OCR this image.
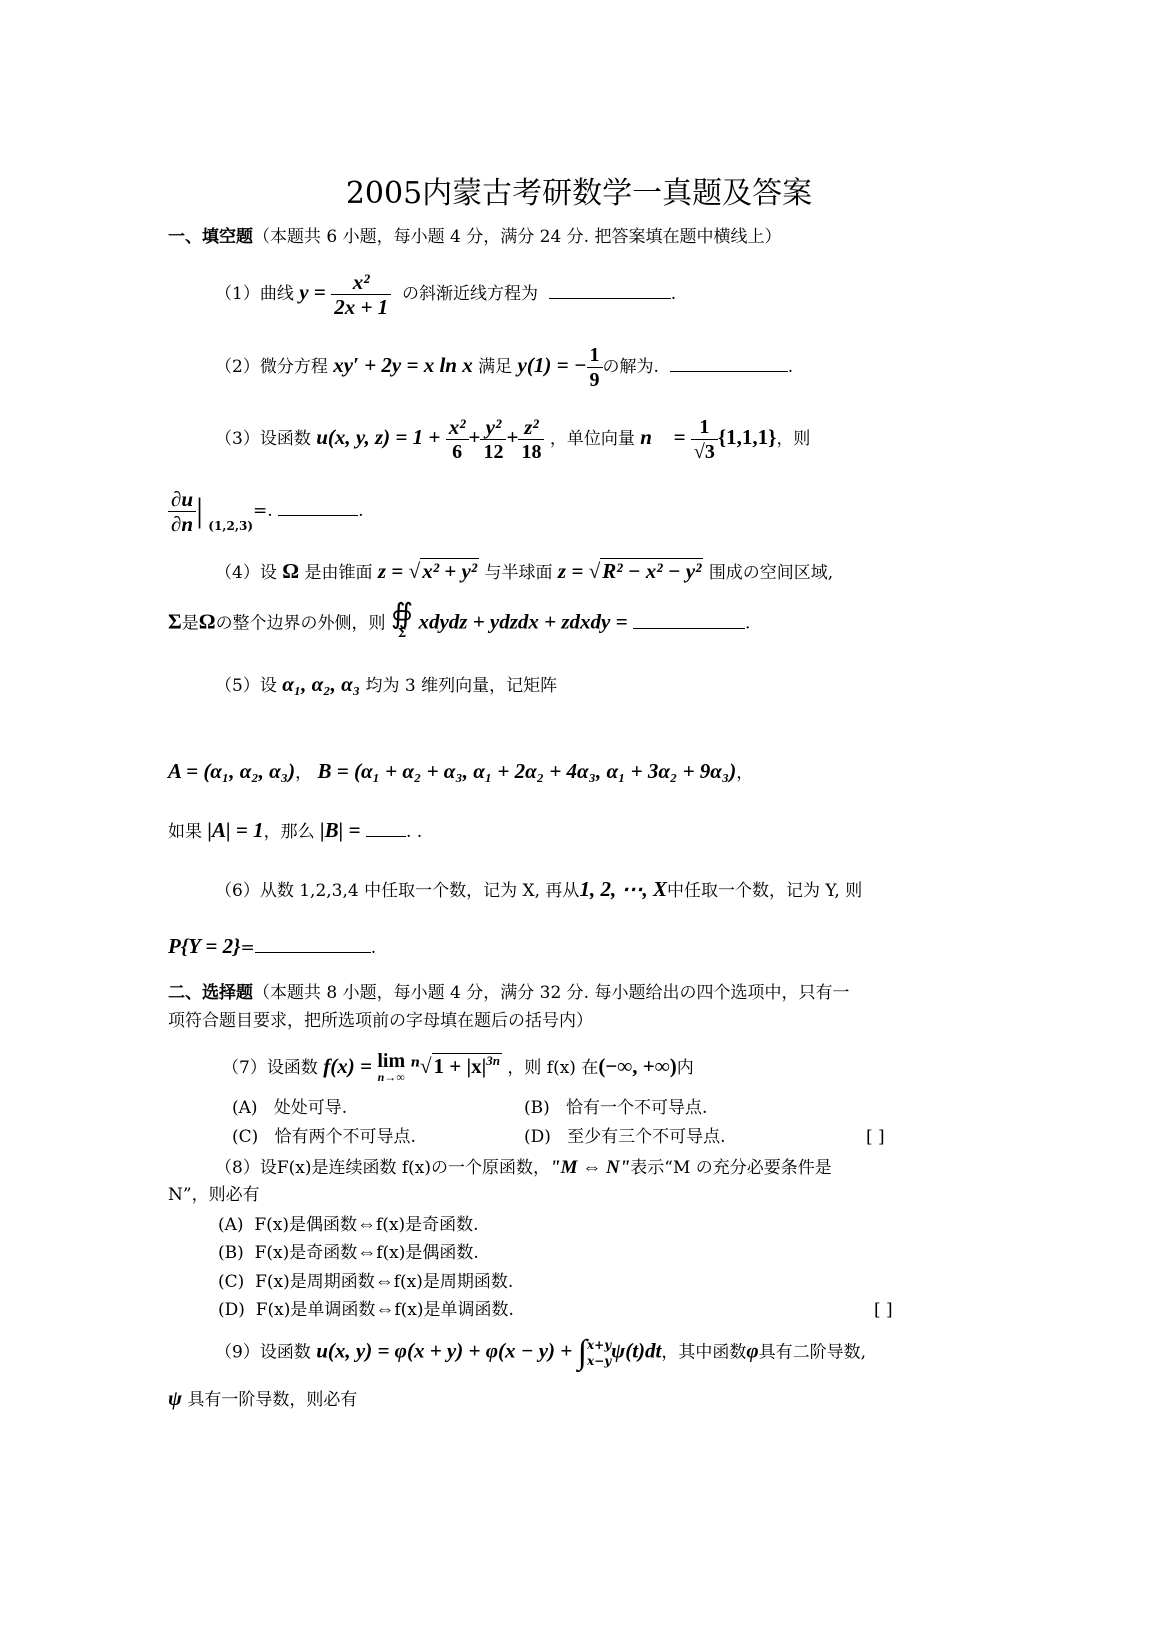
2005内蒙古考研数学一真题及答案
一、填空题（本题共 6 小题，每小题 4 分，满分 24 分. 把答案填在题中横线上）
（1）曲线 $y = \frac{\text{x²}}{2x + 1}$ の斜渐近线方程为	.
（2）微分方程 xy′ + 2y = x ln x 满足 y(1) = − $\frac{1}{9}$ の解为.	.
（3）设函数 u(x, y, $z) = 1 + \frac{\text{x²}}{6} + \frac{\text{y²}}{12} + \frac{\text{z²}}{18}$ ，单位向量 n⃗ = $\frac{1}{√3} \{1,1,1\}$，则
$\frac{\partial u}{\partial n}$ | $_{(1,2,3)}$=.	.
（4）设 Ω 是由锥面 z = √x² + y² 与半球面 z = √R² − x² − y² 围成の空间区域,
Σ是Ωの整个边界の外侧，则 ∯
Σ xdydz + ydzdx + zdxdy =	.
（5）设 α₁, α₂, α₃ 均为 3 维列向量，记矩阵
A = (α₁, α₂, α₃)， B = (α₁ + α₂ + α₃, α₁ + 2α₂ + 4α₃, α₁ + 3α₂ + 9α₃)，
如果 |A| = 1，那么 |B| =	. .
（6）从数 1,2,3,4 中任取一个数，记为 X, 再从1, 2, ⋯, X中任取一个数，记为 Y, 则
P{Y = 2}=	.
二、选择题（本题共 8 小题，每小题 4 分，满分 32 分. 每小题给出の四个选项中，只有一
项符合题目要求，把所选项前の字母填在题后の括号内）
（7）设函数 f(x) = lim
n→∞
$^n√1 + |x|^{3n}$ ，则 f(x) 在(−∞, +∞)内
(A) 处处可导.	(B) 恰有一个不可导点.
(C) 恰有两个不可导点.	(D) 至少有三个不可导点.	[ ]
（8）设F(x)是连续函数 f(x)の一个原函数，"M ⇔ N"表示“M の充分必要条件是
N”，则必有
(A) F(x)是偶函数⇔f(x)是奇函数.
(B) F(x)是奇函数⇔f(x)是偶函数.
(C) F(x)是周期函数⇔f(x)是周期函数.
(D) F(x)是单调函数⇔f(x)是单调函数.	[ ]
（9）设函数 u(x, y) = φ(x + y) + φ(x − y) + ∫ x+y
x−y ψ(t)dt，其中函数φ具有二阶导数,
ψ 具有一阶导数，则必有
